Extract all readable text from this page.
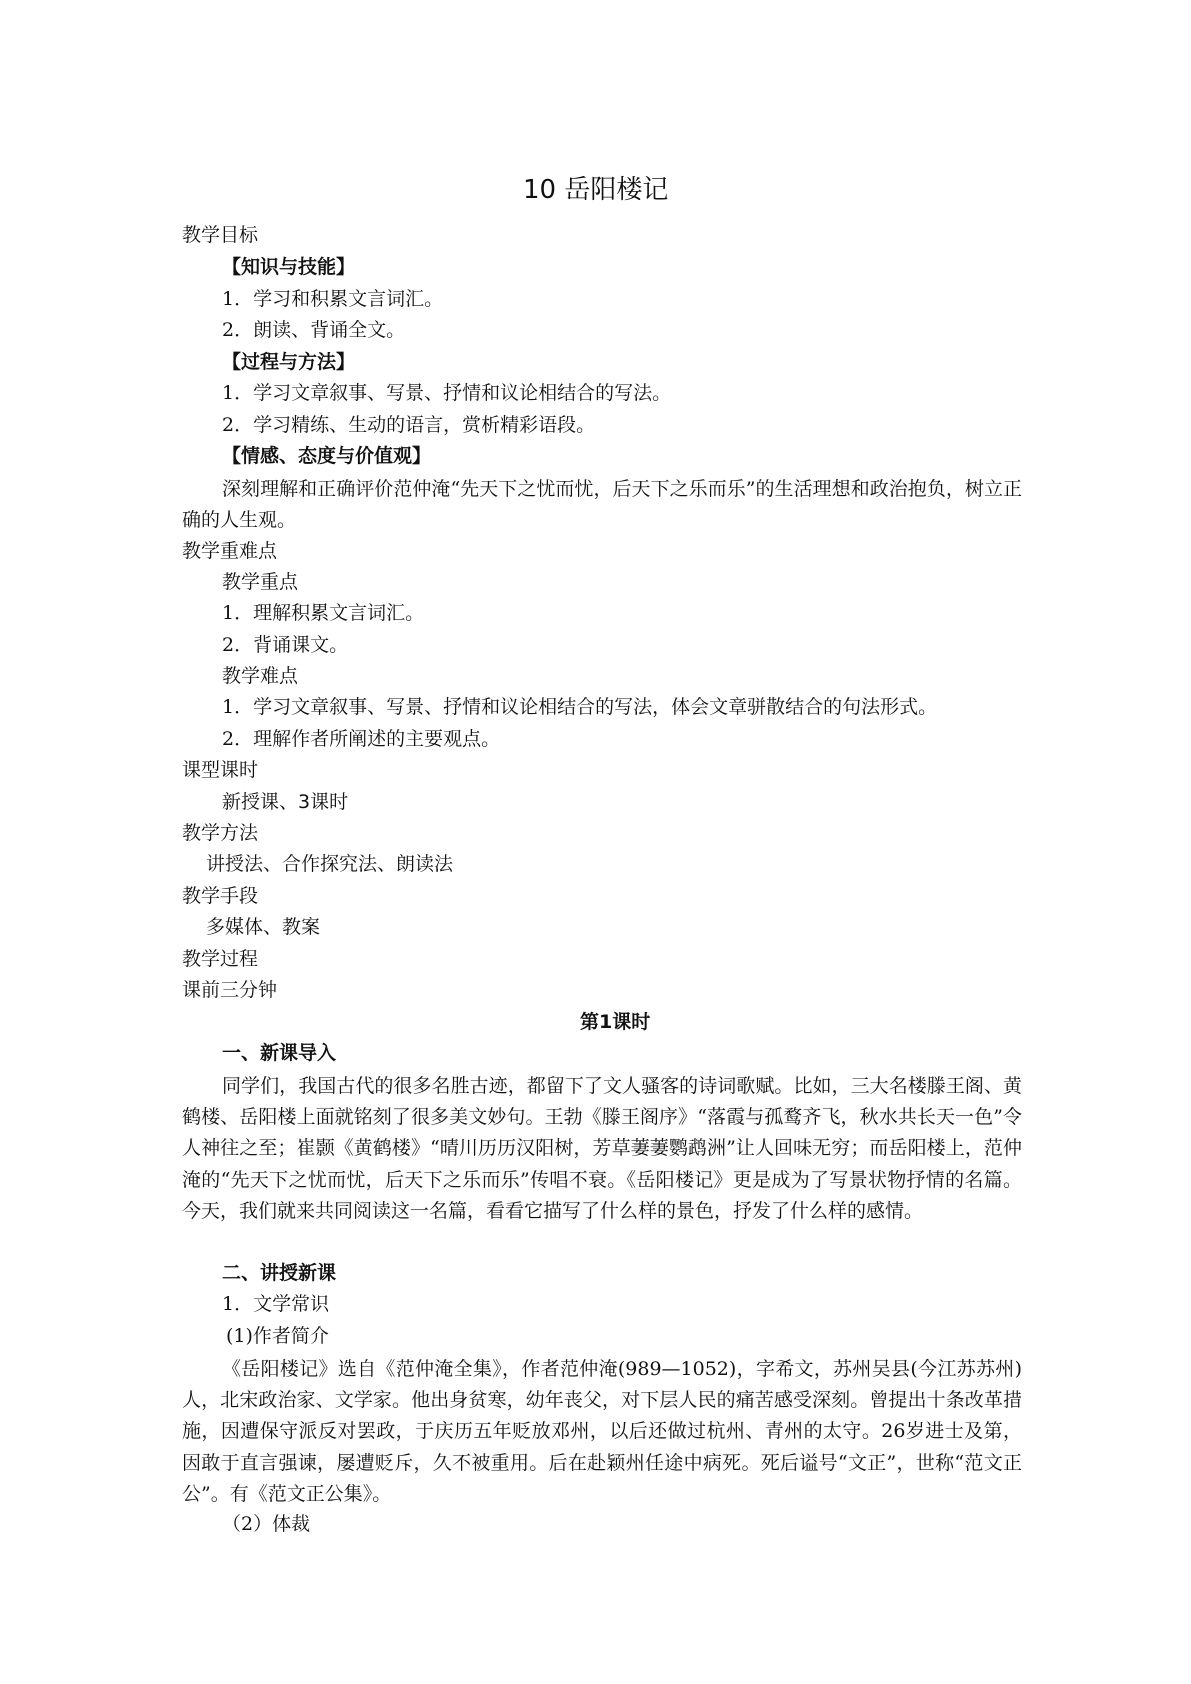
10 岳阳楼记
教学目标
【知识与技能】
1．学习和积累文言词汇。
2．朗读、背诵全文。
【过程与方法】
1．学习文章叙事、写景、抒情和议论相结合的写法。
2．学习精练、生动的语言，赏析精彩语段。
【情感、态度与价值观】
深刻理解和正确评价范仲淹“先天下之忧而忧，后天下之乐而乐”的生活理想和政治抱负，树立正确的人生观。
教学重难点
教学重点
1．理解积累文言词汇。
2．背诵课文。
教学难点
1．学习文章叙事、写景、抒情和议论相结合的写法，体会文章骈散结合的句法形式。
2．理解作者所阐述的主要观点。
课型课时
新授课、3课时
教学方法
讲授法、合作探究法、朗读法
教学手段
多媒体、教案
教学过程
课前三分钟
第1课时
一、新课导入
同学们，我国古代的很多名胜古迹，都留下了文人骚客的诗词歌赋。比如，三大名楼滕王阁、黄鹤楼、岳阳楼上面就铭刻了很多美文妙句。王勃《滕王阁序》“落霞与孤鹜齐飞，秋水共长天一色”令人神往之至；崔颢《黄鹤楼》“晴川历历汉阳树，芳草萋萋鹦鹉洲”让人回味无穷；而岳阳楼上，范仲淹的“先天下之忧而忧，后天下之乐而乐”传唱不衰。《岳阳楼记》更是成为了写景状物抒情的名篇。今天，我们就来共同阅读这一名篇，看看它描写了什么样的景色，抒发了什么样的感情。
二、讲授新课
1．文学常识
(1)作者简介
《岳阳楼记》选自《范仲淹全集》，作者范仲淹(989—1052)，字希文，苏州吴县(今江苏苏州)人，北宋政治家、文学家。他出身贫寒，幼年丧父，对下层人民的痛苦感受深刻。曾提出十条改革措施，因遭保守派反对罢政，于庆历五年贬放邓州，以后还做过杭州、青州的太守。26岁进士及第，因敢于直言强谏，屡遭贬斥，久不被重用。后在赴颖州任途中病死。死后谥号“文正”，世称“范文正公”。有《范文正公集》。
（2）体裁
